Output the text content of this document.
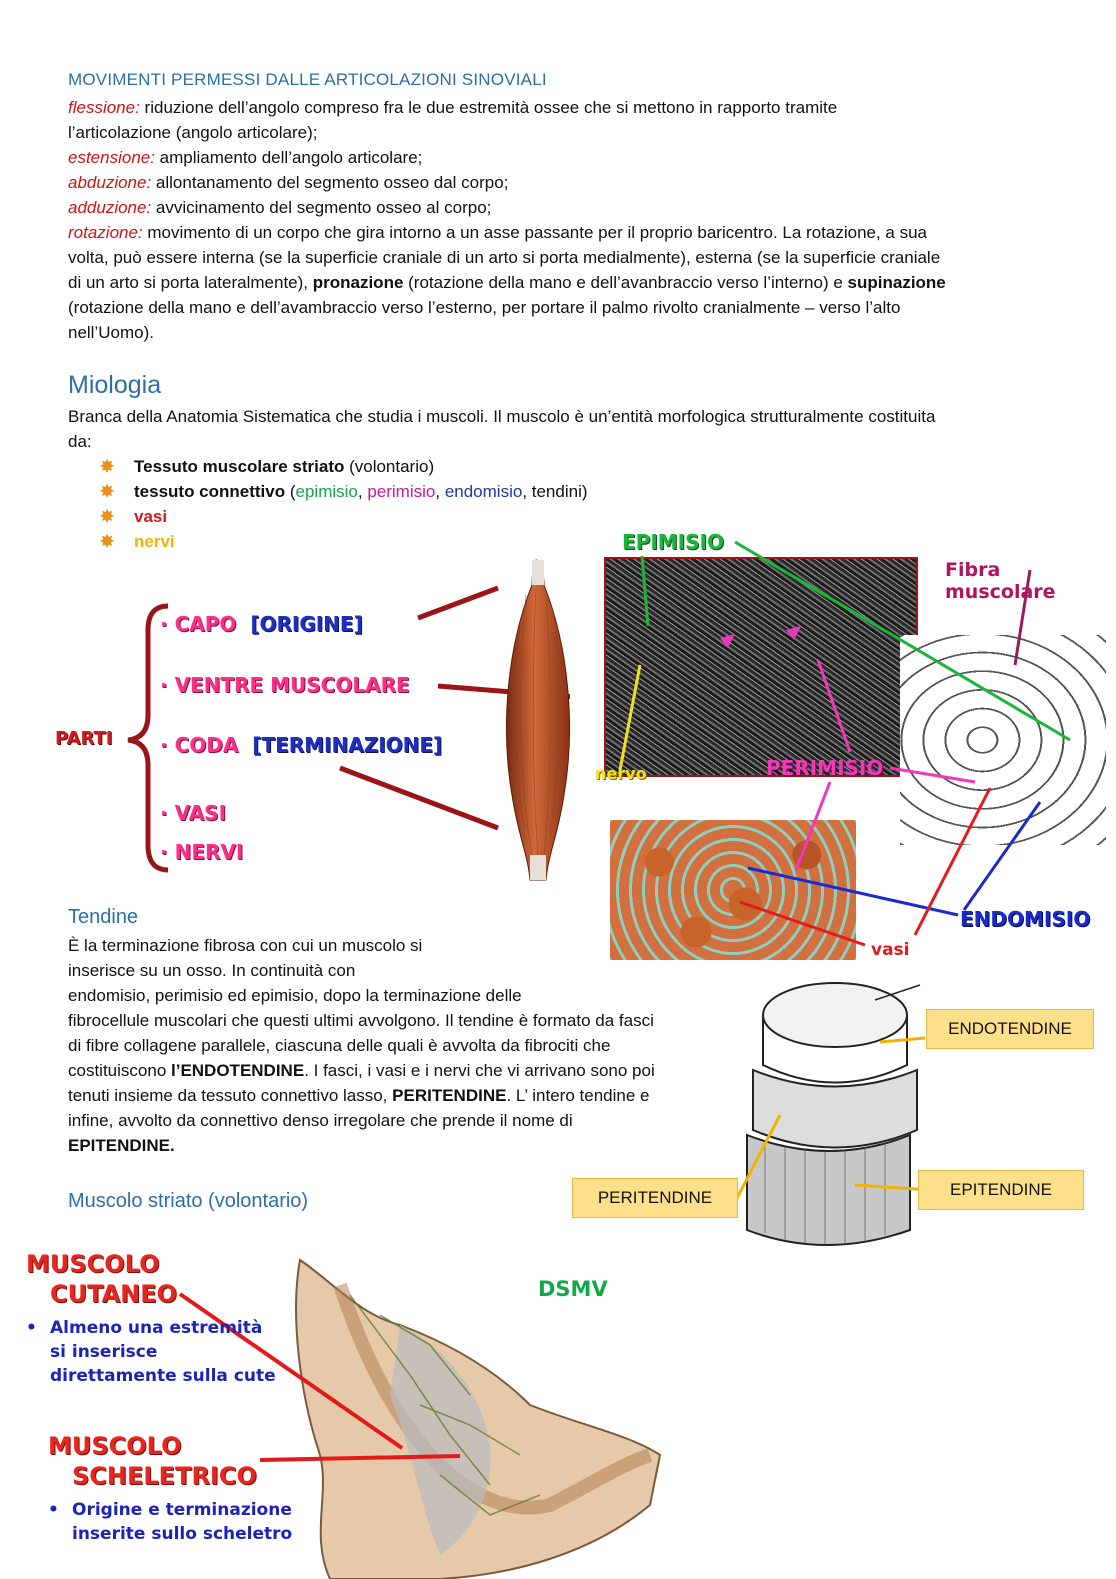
MOVIMENTI PERMESSI DALLE ARTICOLAZIONI SINOVIALI
flessione: riduzione dell’angolo compreso fra le due estremità ossee che si mettono in rapporto tramite
l’articolazione (angolo articolare);
estensione: ampliamento dell’angolo articolare;
abduzione: allontanamento del segmento osseo dal corpo;
adduzione: avvicinamento del segmento osseo al corpo;
rotazione: movimento di un corpo che gira intorno a un asse passante per il proprio baricentro. La rotazione, a sua
volta, può essere interna (se la superficie craniale di un arto si porta medialmente), esterna (se la superficie craniale
di un arto si porta lateralmente), pronazione (rotazione della mano e dell’avanbraccio verso l’interno) e supinazione
(rotazione della mano e dell’avambraccio verso l’esterno, per portare il palmo rivolto cranialmente – verso l’alto
nell’Uomo).
Miologia
Branca della Anatomia Sistematica che studia i muscoli. Il muscolo è un’entità morfologica strutturalmente costituita
da:
✸ Tessuto muscolare striato (volontario)
✸ tessuto connettivo (epimisio, perimisio, endomisio, tendini)
✸ vasi
✸ nervi
PARTI
· CAPO [ORIGINE]
· VENTRE MUSCOLARE
· CODA [TERMINAZIONE]
· VASI
· NERVI
EPIMISIO
Fibra muscolare
nervo	PERIMISIO
ENDOMISIO
vasi
Tendine
È la terminazione fibrosa con cui un muscolo si
inserisce su un osso. In continuità con
endomisio, perimisio ed epimisio, dopo la terminazione delle
fibrocellule muscolari che questi ultimi avvolgono. Il tendine è formato da fasci
di fibre collagene parallele, ciascuna delle quali è avvolta da fibrociti che
costituiscono l’ENDOTENDINE. I fasci, i vasi e i nervi che vi arrivano sono poi
tenuti insieme da tessuto connettivo lasso, PERITENDINE. L’ intero tendine e
infine, avvolto da connettivo denso irregolare che prende il nome di
EPITENDINE.
ENDOTENDINE
PERITENDINE	EPITENDINE
Muscolo striato (volontario)
MUSCOLO
CUTANEO
• Almeno una estremità
si inserisce
direttamente sulla cute
MUSCOLO
SCHELETRICO
• Origine e terminazione
inserite sullo scheletro
DSMV
